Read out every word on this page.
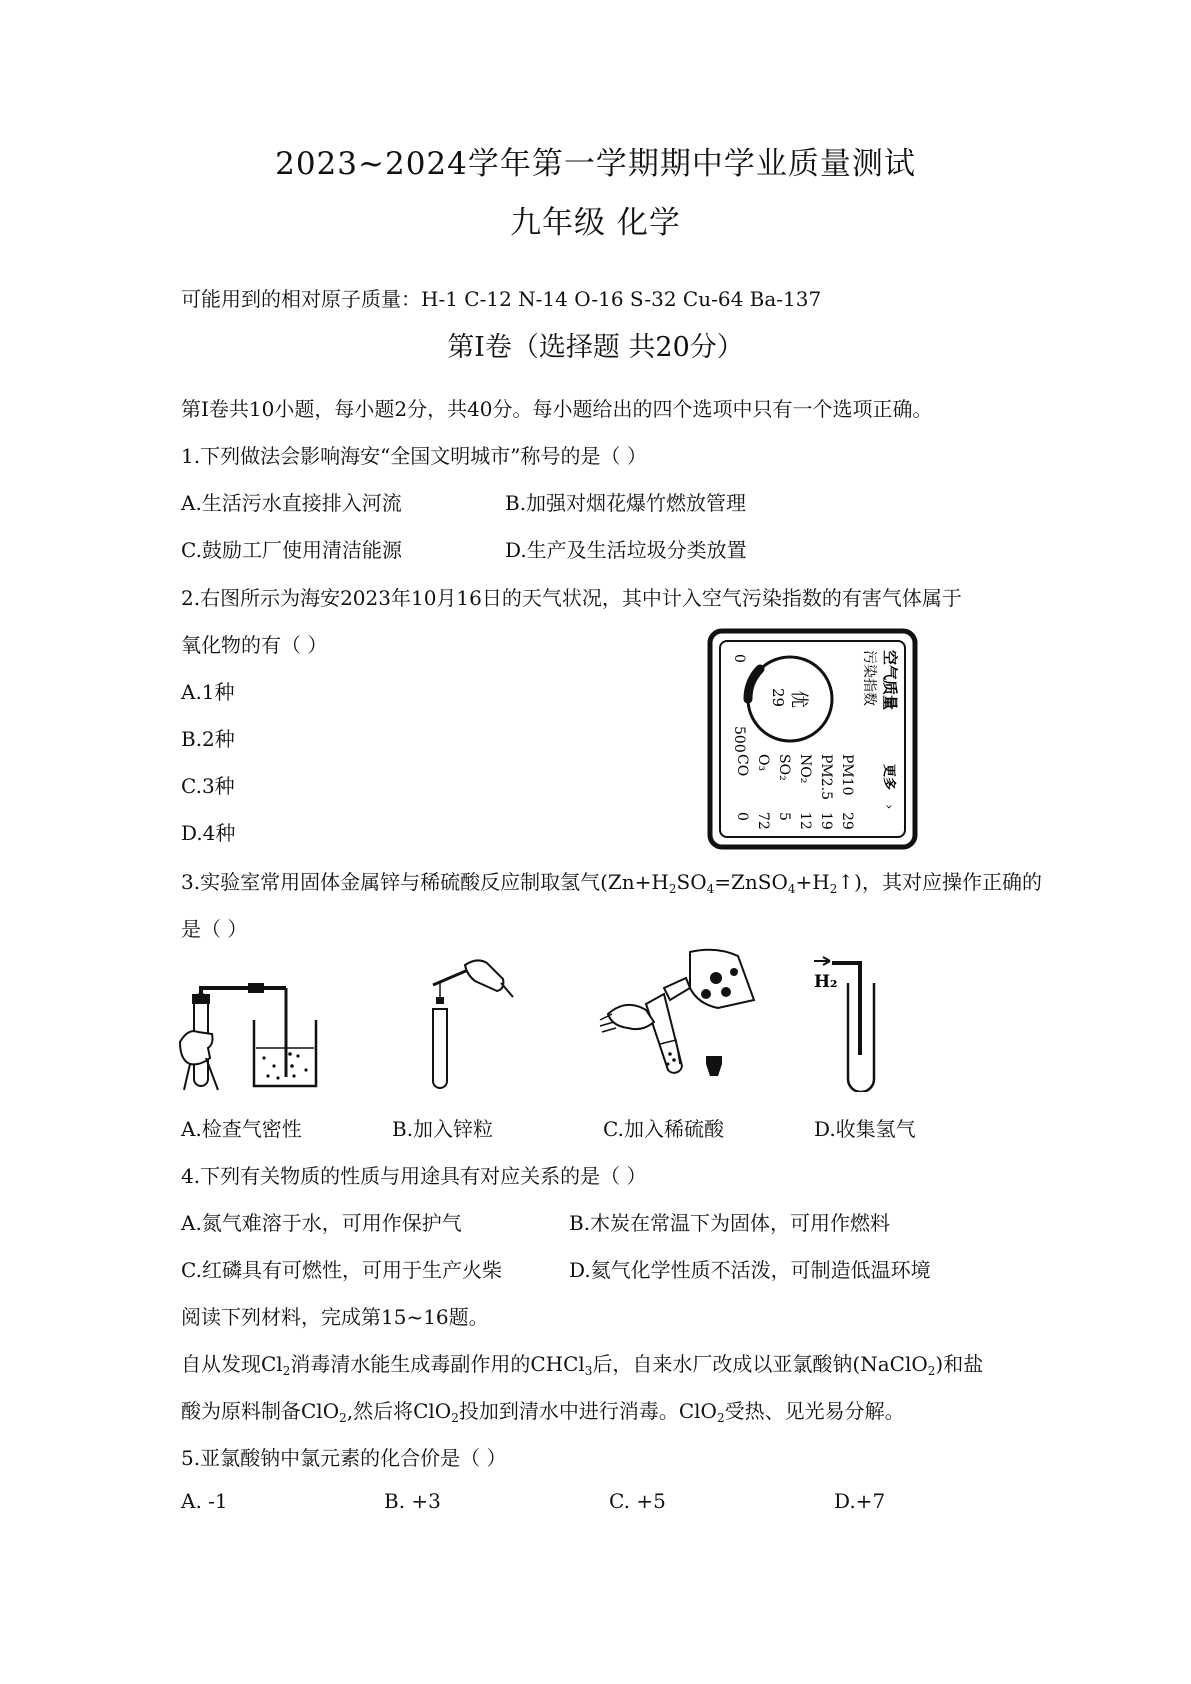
2023~2024学年第一学期期中学业质量测试
九年级 化学
可能用到的相对原子质量：H-1 C-12 N-14 O-16 S-32 Cu-64 Ba-137
第I卷（选择题 共20分）
第I卷共10小题，每小题2分，共40分。每小题给出的四个选项中只有一个选项正确。
1.下列做法会影响海安“全国文明城市”称号的是（ ）
A.生活污水直接排入河流	B.加强对烟花爆竹燃放管理
C.鼓励工厂使用清洁能源	D.生产及生活垃圾分类放置
2.右图所示为海安2023年10月16日的天气状况，其中计入空气污染指数的有害气体属于
氧化物的有（ ）
A.1种
B.2种
C.3种
D.4种
空气质量
污染指数
更多
›
优
29
0
500
PM10
29
PM2.5
19
NO₂
12
SO₂
5
O₃
72
CO
0
3.实验室常用固体金属锌与稀硫酸反应制取氢气$(Zn+H_2SO_4=ZnSO_4+H_2↑)$，其对应操作正确的
是（ ）
H₂
A.检查气密性	B.加入锌粒	C.加入稀硫酸	D.收集氢气
4.下列有关物质的性质与用途具有对应关系的是（ ）
A.氮气难溶于水，可用作保护气	B.木炭在常温下为固体，可用作燃料
C.红磷具有可燃性，可用于生产火柴	D.氦气化学性质不活泼，可制造低温环境
阅读下列材料，完成第15~16题。
自从发现$Cl_2$消毒清水能生成毒副作用的CHCl$_3$后，自来水厂改成以亚氯酸钠(NaClO$_2$)和盐
酸为原料制备ClO$_2$,然后将ClO$_2$投加到清水中进行消毒。ClO$_2$受热、见光易分解。
5.亚氯酸钠中氯元素的化合价是（ ）
A. -1	B. +3	C. +5	D.+7
